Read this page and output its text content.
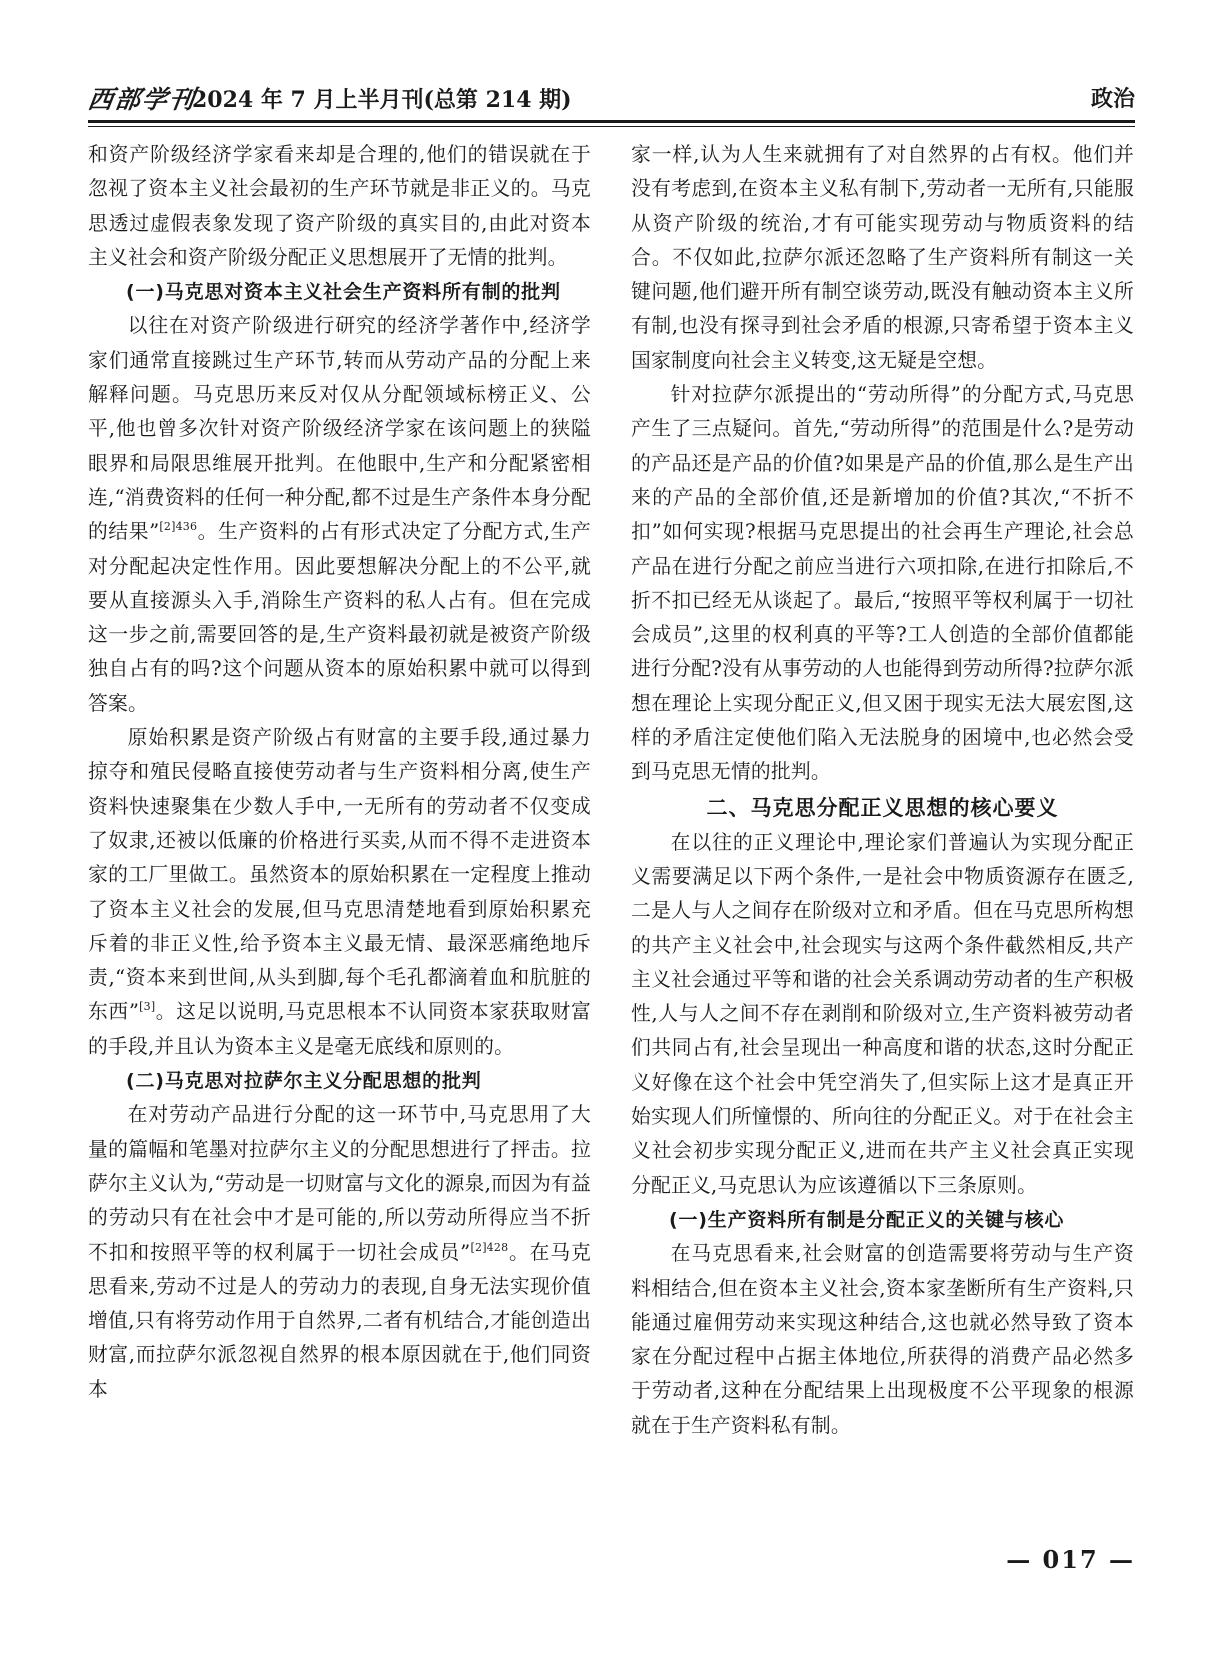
西部学刊
2024 年 7 月上半月刊(总第 214 期)	政治

和资产阶级经济学家看来却是合理的,他们的错误就在于忽视了资本主义社会最初的生产环节就是非正义的。马克思透过虚假表象发现了资产阶级的真实目的,由此对资本主义社会和资产阶级分配正义思想展开了无情的批判。

(一)马克思对资本主义社会生产资料所有制的批判

以往在对资产阶级进行研究的经济学著作中,经济学家们通常直接跳过生产环节,转而从劳动产品的分配上来解释问题。马克思历来反对仅从分配领域标榜正义、公平,他也曾多次针对资产阶级经济学家在该问题上的狭隘眼界和局限思维展开批判。在他眼中,生产和分配紧密相连,“消费资料的任何一种分配,都不过是生产条件本身分配的结果”$^{[2]436}$。生产资料的占有形式决定了分配方式,生产对分配起决定性作用。因此要想解决分配上的不公平,就要从直接源头入手,消除生产资料的私人占有。但在完成这一步之前,需要回答的是,生产资料最初就是被资产阶级独自占有的吗?这个问题从资本的原始积累中就可以得到答案。

原始积累是资产阶级占有财富的主要手段,通过暴力掠夺和殖民侵略直接使劳动者与生产资料相分离,使生产资料快速聚集在少数人手中,一无所有的劳动者不仅变成了奴隶,还被以低廉的价格进行买卖,从而不得不走进资本家的工厂里做工。虽然资本的原始积累在一定程度上推动了资本主义社会的发展,但马克思清楚地看到原始积累充斥着的非正义性,给予资本主义最无情、最深恶痛绝地斥责,“资本来到世间,从头到脚,每个毛孔都滴着血和肮脏的东西”[3]。这足以说明,马克思根本不认同资本家获取财富的手段,并且认为资本主义是毫无底线和原则的。

(二)马克思对拉萨尔主义分配思想的批判

在对劳动产品进行分配的这一环节中,马克思用了大量的篇幅和笔墨对拉萨尔主义的分配思想进行了抨击。拉萨尔主义认为,“劳动是一切财富与文化的源泉,而因为有益的劳动只有在社会中才是可能的,所以劳动所得应当不折不扣和按照平等的权利属于一切社会成员”$^{[2]428}$。在马克思看来,劳动不过是人的劳动力的表现,自身无法实现价值增值,只有将劳动作用于自然界,二者有机结合,才能创造出财富,而拉萨尔派忽视自然界的根本原因就在于,他们同资本

家一样,认为人生来就拥有了对自然界的占有权。他们并没有考虑到,在资本主义私有制下,劳动者一无所有,只能服从资产阶级的统治,才有可能实现劳动与物质资料的结合。不仅如此,拉萨尔派还忽略了生产资料所有制这一关键问题,他们避开所有制空谈劳动,既没有触动资本主义所有制,也没有探寻到社会矛盾的根源,只寄希望于资本主义国家制度向社会主义转变,这无疑是空想。

针对拉萨尔派提出的“劳动所得”的分配方式,马克思产生了三点疑问。首先,“劳动所得”的范围是什么?是劳动的产品还是产品的价值?如果是产品的价值,那么是生产出来的产品的全部价值,还是新增加的价值?其次,“不折不扣”如何实现?根据马克思提出的社会再生产理论,社会总产品在进行分配之前应当进行六项扣除,在进行扣除后,不折不扣已经无从谈起了。最后,“按照平等权利属于一切社会成员”,这里的权利真的平等?工人创造的全部价值都能进行分配?没有从事劳动的人也能得到劳动所得?拉萨尔派想在理论上实现分配正义,但又困于现实无法大展宏图,这样的矛盾注定使他们陷入无法脱身的困境中,也必然会受到马克思无情的批判。

二、马克思分配正义思想的核心要义

在以往的正义理论中,理论家们普遍认为实现分配正义需要满足以下两个条件,一是社会中物质资源存在匮乏,二是人与人之间存在阶级对立和矛盾。但在马克思所构想的共产主义社会中,社会现实与这两个条件截然相反,共产主义社会通过平等和谐的社会关系调动劳动者的生产积极性,人与人之间不存在剥削和阶级对立,生产资料被劳动者们共同占有,社会呈现出一种高度和谐的状态,这时分配正义好像在这个社会中凭空消失了,但实际上这才是真正开始实现人们所憧憬的、所向往的分配正义。对于在社会主义社会初步实现分配正义,进而在共产主义社会真正实现分配正义,马克思认为应该遵循以下三条原则。

(一)生产资料所有制是分配正义的关键与核心

在马克思看来,社会财富的创造需要将劳动与生产资料相结合,但在资本主义社会,资本家垄断所有生产资料,只能通过雇佣劳动来实现这种结合,这也就必然导致了资本家在分配过程中占据主体地位,所获得的消费产品必然多于劳动者,这种在分配结果上出现极度不公平现象的根源就在于生产资料私有制。

— 017 —
